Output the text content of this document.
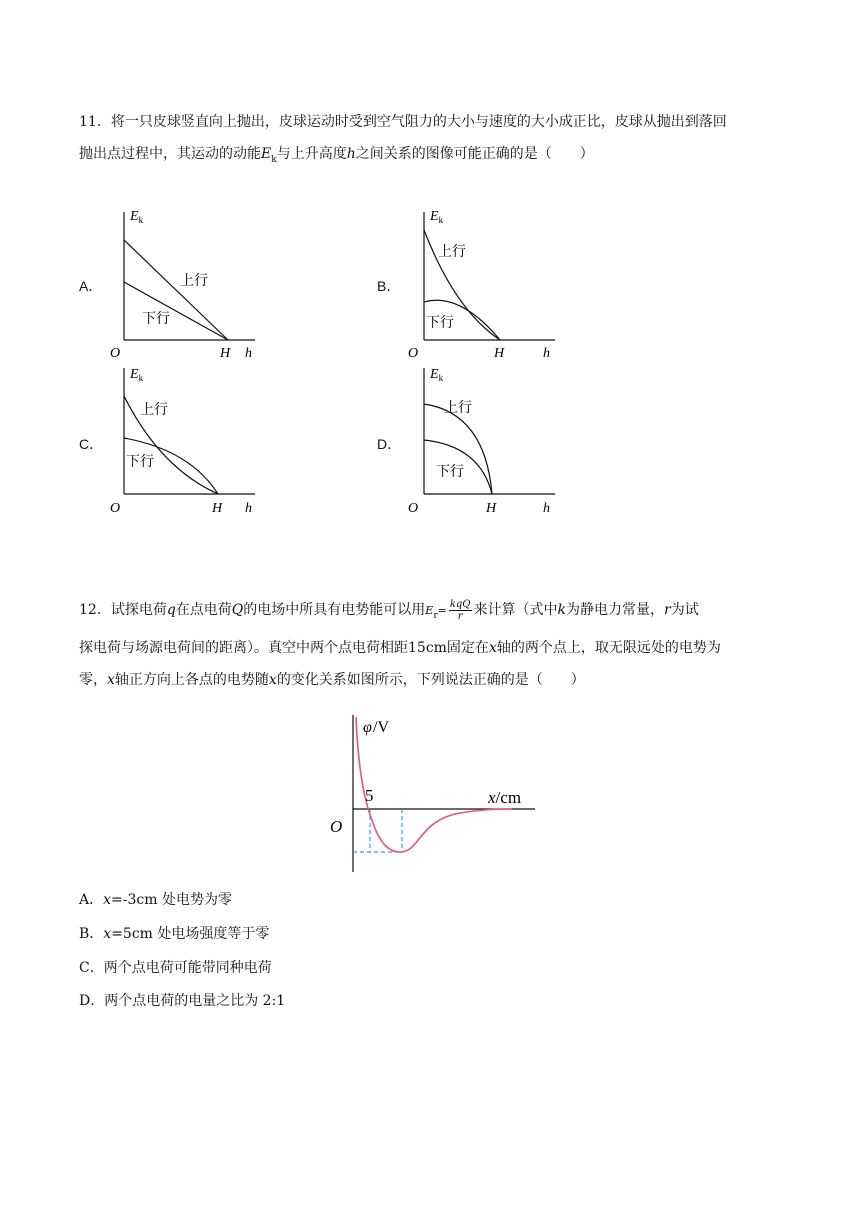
11．将一只皮球竖直向上抛出，皮球运动时受到空气阻力的大小与速度的大小成正比，皮球从抛出到落回

抛出点过程中，其运动的动能$E_k$与上升高度h之间关系的图像可能正确的是（　　）

A．	B．
C．	D．
$E_k$
上行
下行
O	H h
$E_k$
上行
下行
O	H	h
$E_k$
上行
下行
O	H h
$E_k$
上行
下行
O	H	h

12．试探电荷q在点电荷Q的电场中所具有电势能可以用$E_r= \frac{\text{kqQ}}{r}$ 来计算（式中k为静电力常量，r为试

探电荷与场源电荷间的距离）。真空中两个点电荷相距15cm固定在x轴的两个点上，取无限远处的电势为

零，x轴正方向上各点的电势随x的变化关系如图所示，下列说法正确的是（　　）

φ /V
5	x/cm
O
A．x=-3cm 处电势为零
B．x=5cm 处电场强度等于零
C．两个点电荷可能带同种电荷
D．两个点电荷的电量之比为 2:1
